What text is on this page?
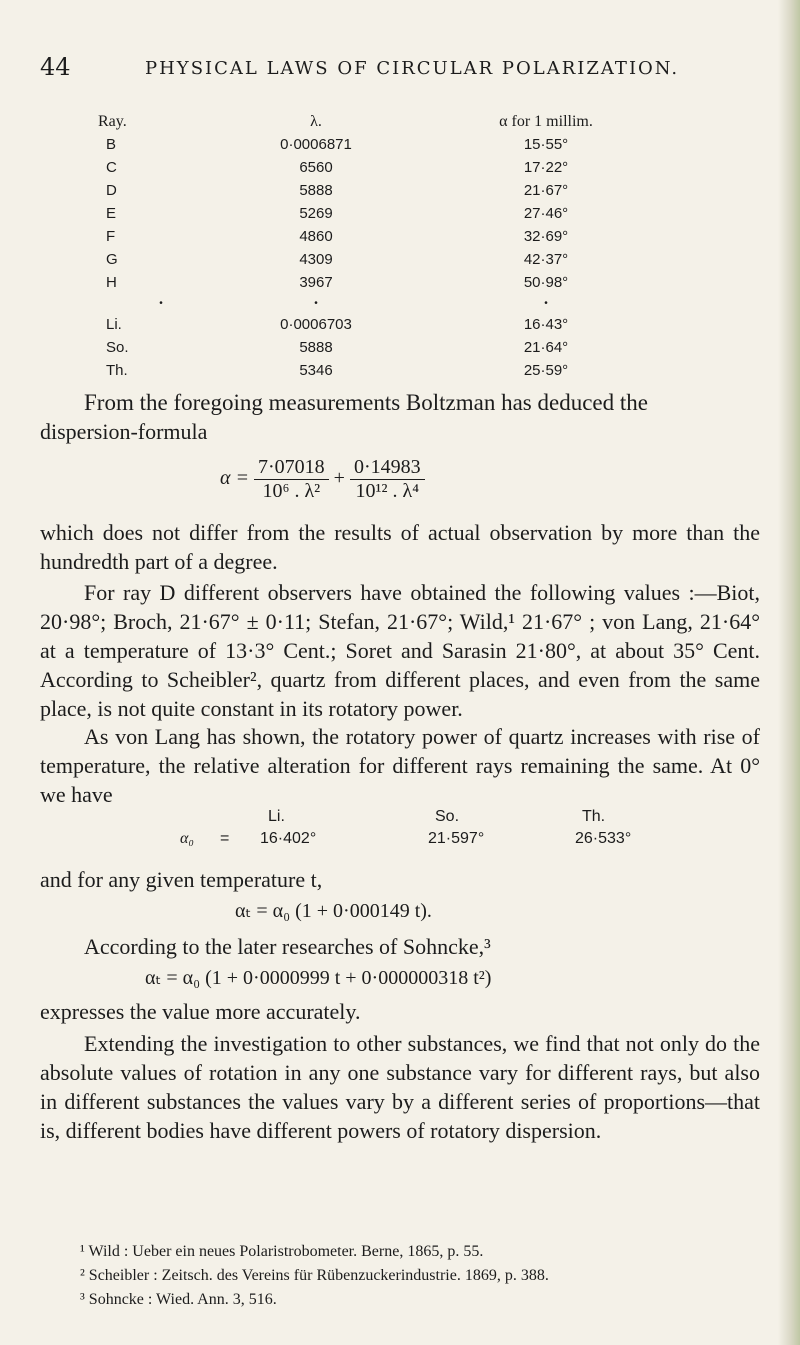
44	PHYSICAL LAWS OF CIRCULAR POLARIZATION.
Ray.	λ.	α for 1 millim.
B	0·0006871	15·55°
C	6560	17·22°
D	5888	21·67°
E	5269	27·46°
F	4860	32·69°
G	4309	42·37°
H	3967	50·98°
•	•	•
Li.	0·0006703	16·43°
So.	5888	21·64°
Th.	5346	25·59°

From the foregoing measurements Boltzman has deduced the

dispersion-formula

$\alpha = \frac{7\cdot 07018}{\text{10⁶ . λ²}} + \frac{0\cdot 14983}{\text{10¹² . λ⁴}}$

which does not differ from the results of actual observation by more than the hundredth part of a degree.

For ray D different observers have obtained the following values :—Biot, 20·98°; Broch, 21·67° ± 0·11; Stefan, 21·67°; Wild,¹ 21·67° ; von Lang, 21·64° at a temperature of 13·3° Cent.; Soret and Sarasin 21·80°, at about 35° Cent. According to Scheibler², quartz from different places, and even from the same place, is not quite constant in its rotatory power.

As von Lang has shown, the rotatory power of quartz increases with rise of temperature, the relative alteration for different rays remaining the same. At 0° we have

Li.	So.	Th.
α₀ = 16·402°	21·597°	26·533°

and for any given temperature t,

αₜ = α₀ (1 + 0·000149 t).

According to the later researches of Sohncke,³

αₜ = α₀ (1 + 0·0000999 t + 0·000000318 t²)

expresses the value more accurately.

Extending the investigation to other substances, we find that not only do the absolute values of rotation in any one substance vary for different rays, but also in different substances the values vary by a different series of proportions—that is, different bodies have different powers of rotatory dispersion.

¹ Wild : Ueber ein neues Polaristrobometer. Berne, 1865, p. 55.
² Scheibler : Zeitsch. des Vereins für Rübenzuckerindustrie. 1869, p. 388.
³ Sohncke : Wied. Ann. 3, 516.
